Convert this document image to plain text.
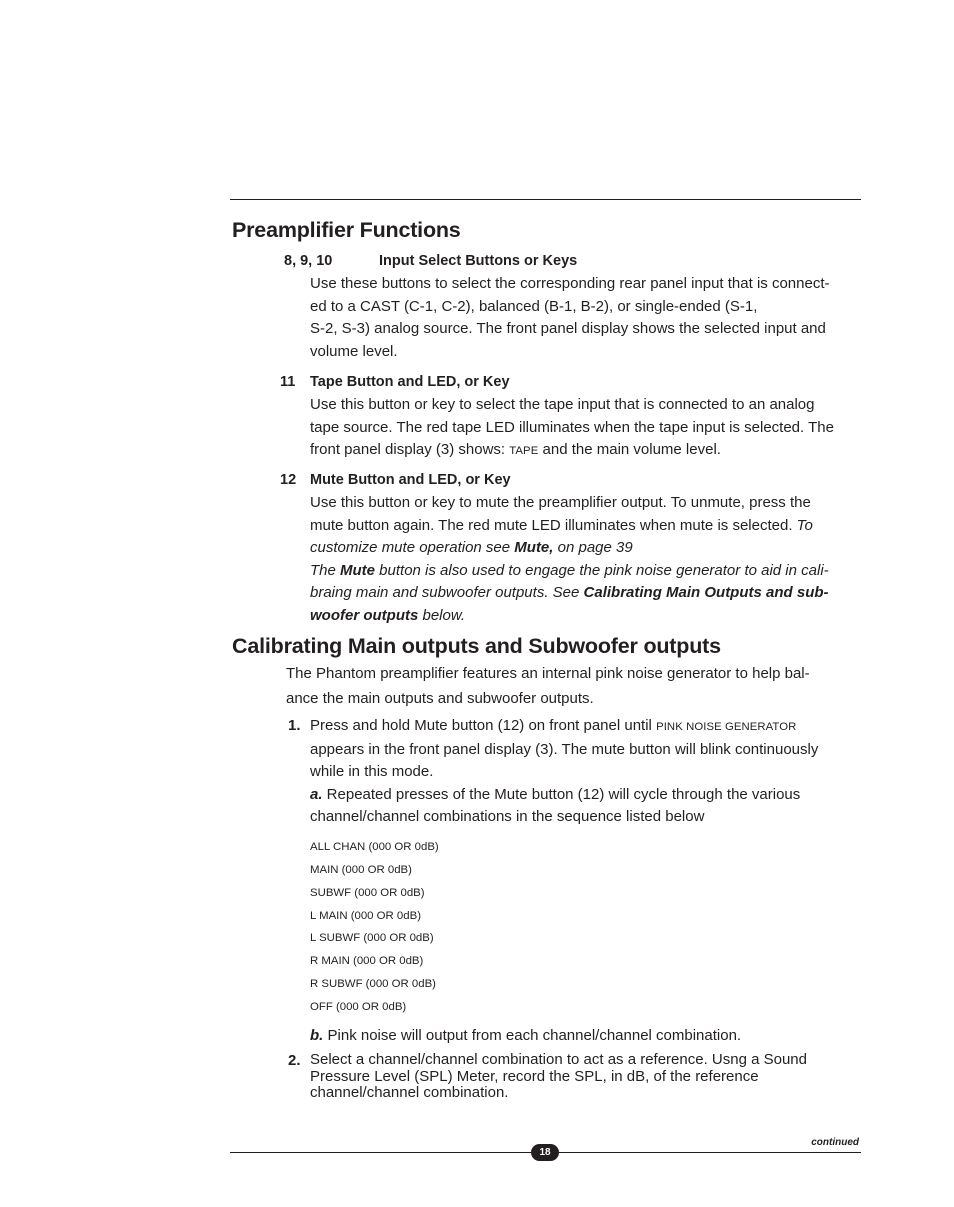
Preamplifier Functions
8, 9, 10	Input Select Buttons or Keys
Use these buttons to select the corresponding rear panel input that is connect-
ed to a CAST (C-1, C-2), balanced (B-1, B-2), or single-ended (S-1,
S-2, S-3) analog source. The front panel display shows the selected input and
volume level.
11 Tape Button and LED, or Key
Use this button or key to select the tape input that is connected to an analog
tape source. The red tape LED illuminates when the tape input is selected. The
front panel display (3) shows: TAPE and the main volume level.
12 Mute Button and LED, or Key
Use this button or key to mute the preamplifier output. To unmute, press the
mute button again. The red mute LED illuminates when mute is selected. To
customize mute operation see Mute, on page 39
The Mute button is also used to engage the pink noise generator to aid in cali-
braing main and subwoofer outputs. See Calibrating Main Outputs and sub-
woofer outputs below.
Calibrating Main outputs and Subwoofer outputs
The Phantom preamplifier features an internal pink noise generator to help bal-
ance the main outputs and subwoofer outputs.
1. Press and hold Mute button (12) on front panel until PINK NOISE GENERATOR
appears in the front panel display (3). The mute button will blink continuously
while in this mode.
a. Repeated presses of the Mute button (12) will cycle through the various
channel/channel combinations in the sequence listed below
ALL CHAN (000 OR 0dB)
MAIN (000 OR 0dB)
SUBWF (000 OR 0dB)
L MAIN (000 OR 0dB)
L SUBWF (000 OR 0dB)
R MAIN (000 OR 0dB)
R SUBWF (000 OR 0dB)
OFF (000 OR 0dB)
b. Pink noise will output from each channel/channel combination.
2. Select a channel/channel combination to act as a reference. Usng a Sound
Pressure Level (SPL) Meter, record the SPL, in dB, of the reference
channel/channel combination.
continued
18
